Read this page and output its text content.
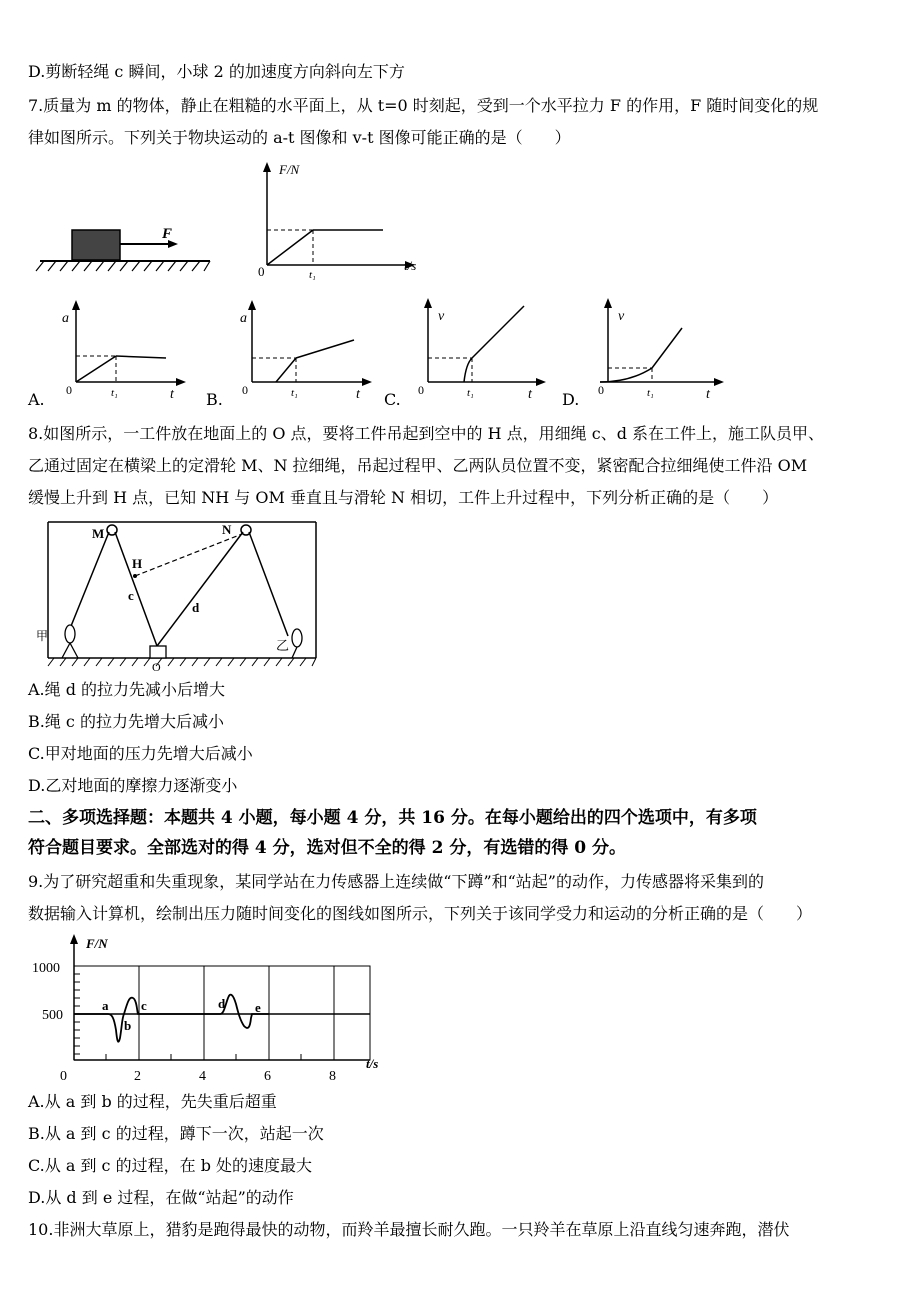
D.剪断轻绳 c 瞬间，小球 2 的加速度方向斜向左下方
7.质量为 m 的物体，静止在粗糙的水平面上，从 t=0 时刻起，受到一个水平拉力 F 的作用，F 随时间变化的规
律如图所示。下列关于物块运动的 a-t 图像和 v-t 图像可能正确的是（　　）
F
F/N
t/s
0	t₁
a
t
0	t₁
A.
a
t
0	t₁
B.
v
t
0	t₁
C.
v
t
0	t₁
D.
8.如图所示，一工件放在地面上的 O 点，要将工件吊起到空中的 H 点，用细绳 c、d 系在工件上，施工队员甲、
乙通过固定在横梁上的定滑轮 M、N 拉细绳，吊起过程甲、乙两队员位置不变，紧密配合拉细绳使工件沿 OM
缓慢上升到 H 点，已知 NH 与 OM 垂直且与滑轮 N 相切，工件上升过程中，下列分析正确的是（　　）
M	N
H
c
d
O
甲
乙
A.绳 d 的拉力先减小后增大
B.绳 c 的拉力先增大后减小
C.甲对地面的压力先增大后减小
D.乙对地面的摩擦力逐渐变小
二、多项选择题：本题共 4 小题，每小题 4 分，共 16 分。在每小题给出的四个选项中，有多项
符合题目要求。全部选对的得 4 分，选对但不全的得 2 分，有选错的得 0 分。
9.为了研究超重和失重现象，某同学站在力传感器上连续做“下蹲”和“站起”的动作，力传感器将采集到的
数据输入计算机，绘制出压力随时间变化的图线如图所示，下列关于该同学受力和运动的分析正确的是（　　）
F/N
t/s
1000
500
0	2	4	6	8
a
b
c	d e
A.从 a 到 b 的过程，先失重后超重
B.从 a 到 c 的过程，蹲下一次，站起一次
C.从 a 到 c 的过程，在 b 处的速度最大
D.从 d 到 e 过程，在做“站起”的动作
10.非洲大草原上，猎豹是跑得最快的动物，而羚羊最擅长耐久跑。一只羚羊在草原上沿直线匀速奔跑，潜伏
